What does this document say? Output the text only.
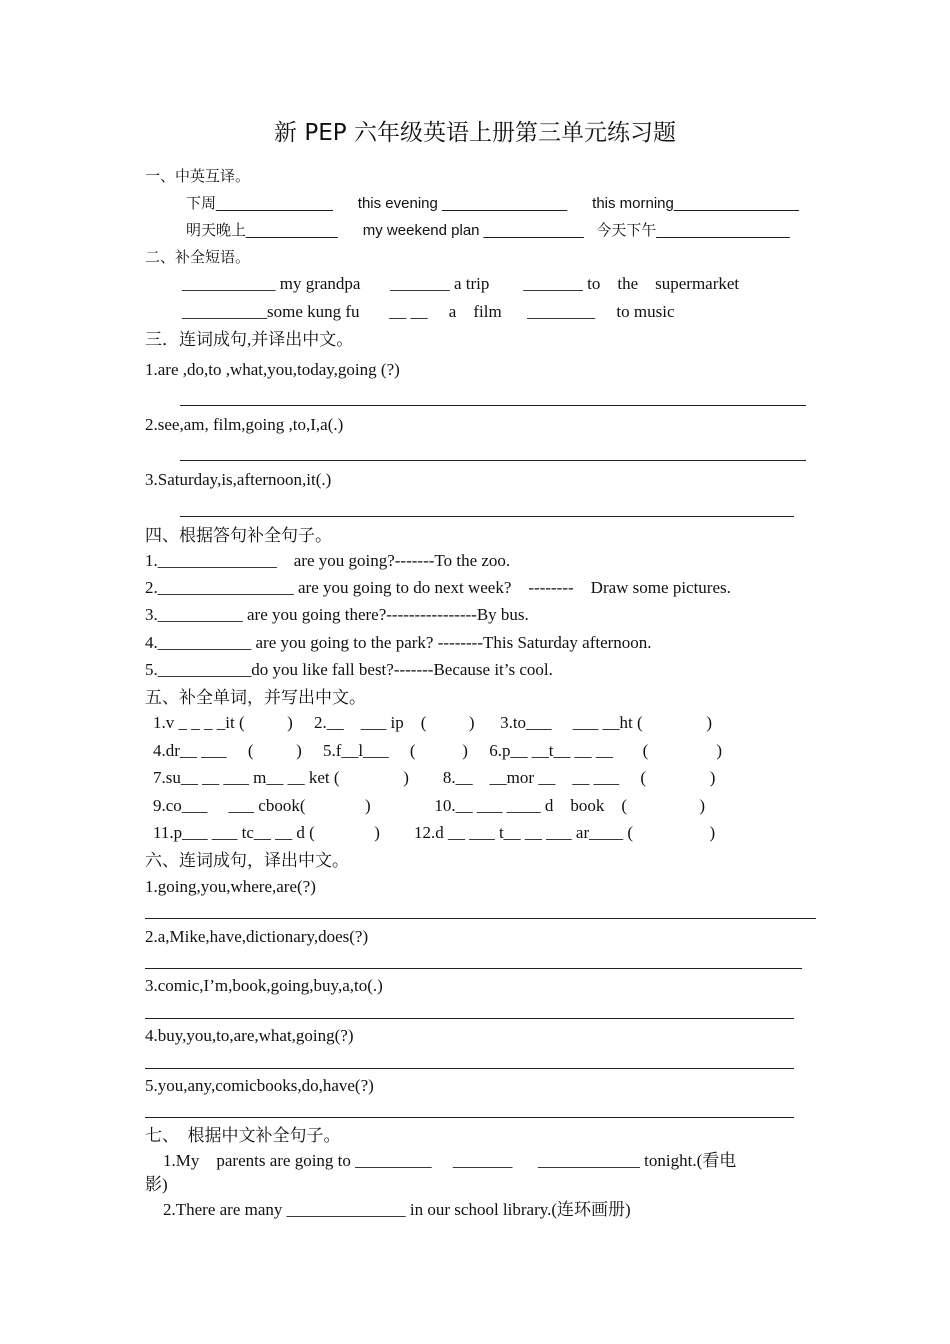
新 PEP 六年级英语上册第三单元练习题
一、中英互译。
下周______________      this evening _______________      this morning_______________
明天晚上___________      my weekend plan ____________   今天下午________________
二、补全短语。
___________ my grandpa       _______ a trip        _______ to    the    supermarket
__________some kung fu       __ __     a    film      ________     to music
三．连词成句,并译出中文。
1.are ,do,to ,what,you,today,going (?)
2.see,am, film,going ,to,I,a(.)
3.Saturday,is,afternoon,it(.)
四、根据答句补全句子。
1.______________    are you going?-------To the zoo.
2.________________ are you going to do next week?    --------    Draw some pictures.
3.__________ are you going there?----------------By bus.
4.___________ are you going to the park? --------This Saturday afternoon.
5.___________do you like fall best?-------Because it’s cool.
五、补全单词，并写出中文。
1.v _ _ _ _it (          )     2.__    ___ ip    (          )      3.to___     ___ __ht (               )
4.dr__ ___     (          )     5.f__l___     (           )     6.p__ __t__ __ __       (                )
7.su__ __ ___ m__ __ ket (               )        8.__    __mor __    __ ___     (               )
9.co___     ___ cbook(              )               10.__ ___ ____ d    book    (                 )
11.p___ ___ tc__ __ d (              )        12.d __ ___ t__ __ ___ ar____ (                  )
六、连词成句，译出中文。
1.going,you,where,are(?)
2.a,Mike,have,dictionary,does(?)
3.comic,I’m,book,going,buy,a,to(.)
4.buy,you,to,are,what,going(?)
5.you,any,comicbooks,do,have(?)
七、  根据中文补全句子。
1.My    parents are going to _________     _______      ____________ tonight.(看电
影)
2.There are many ______________ in our school library.(连环画册)
